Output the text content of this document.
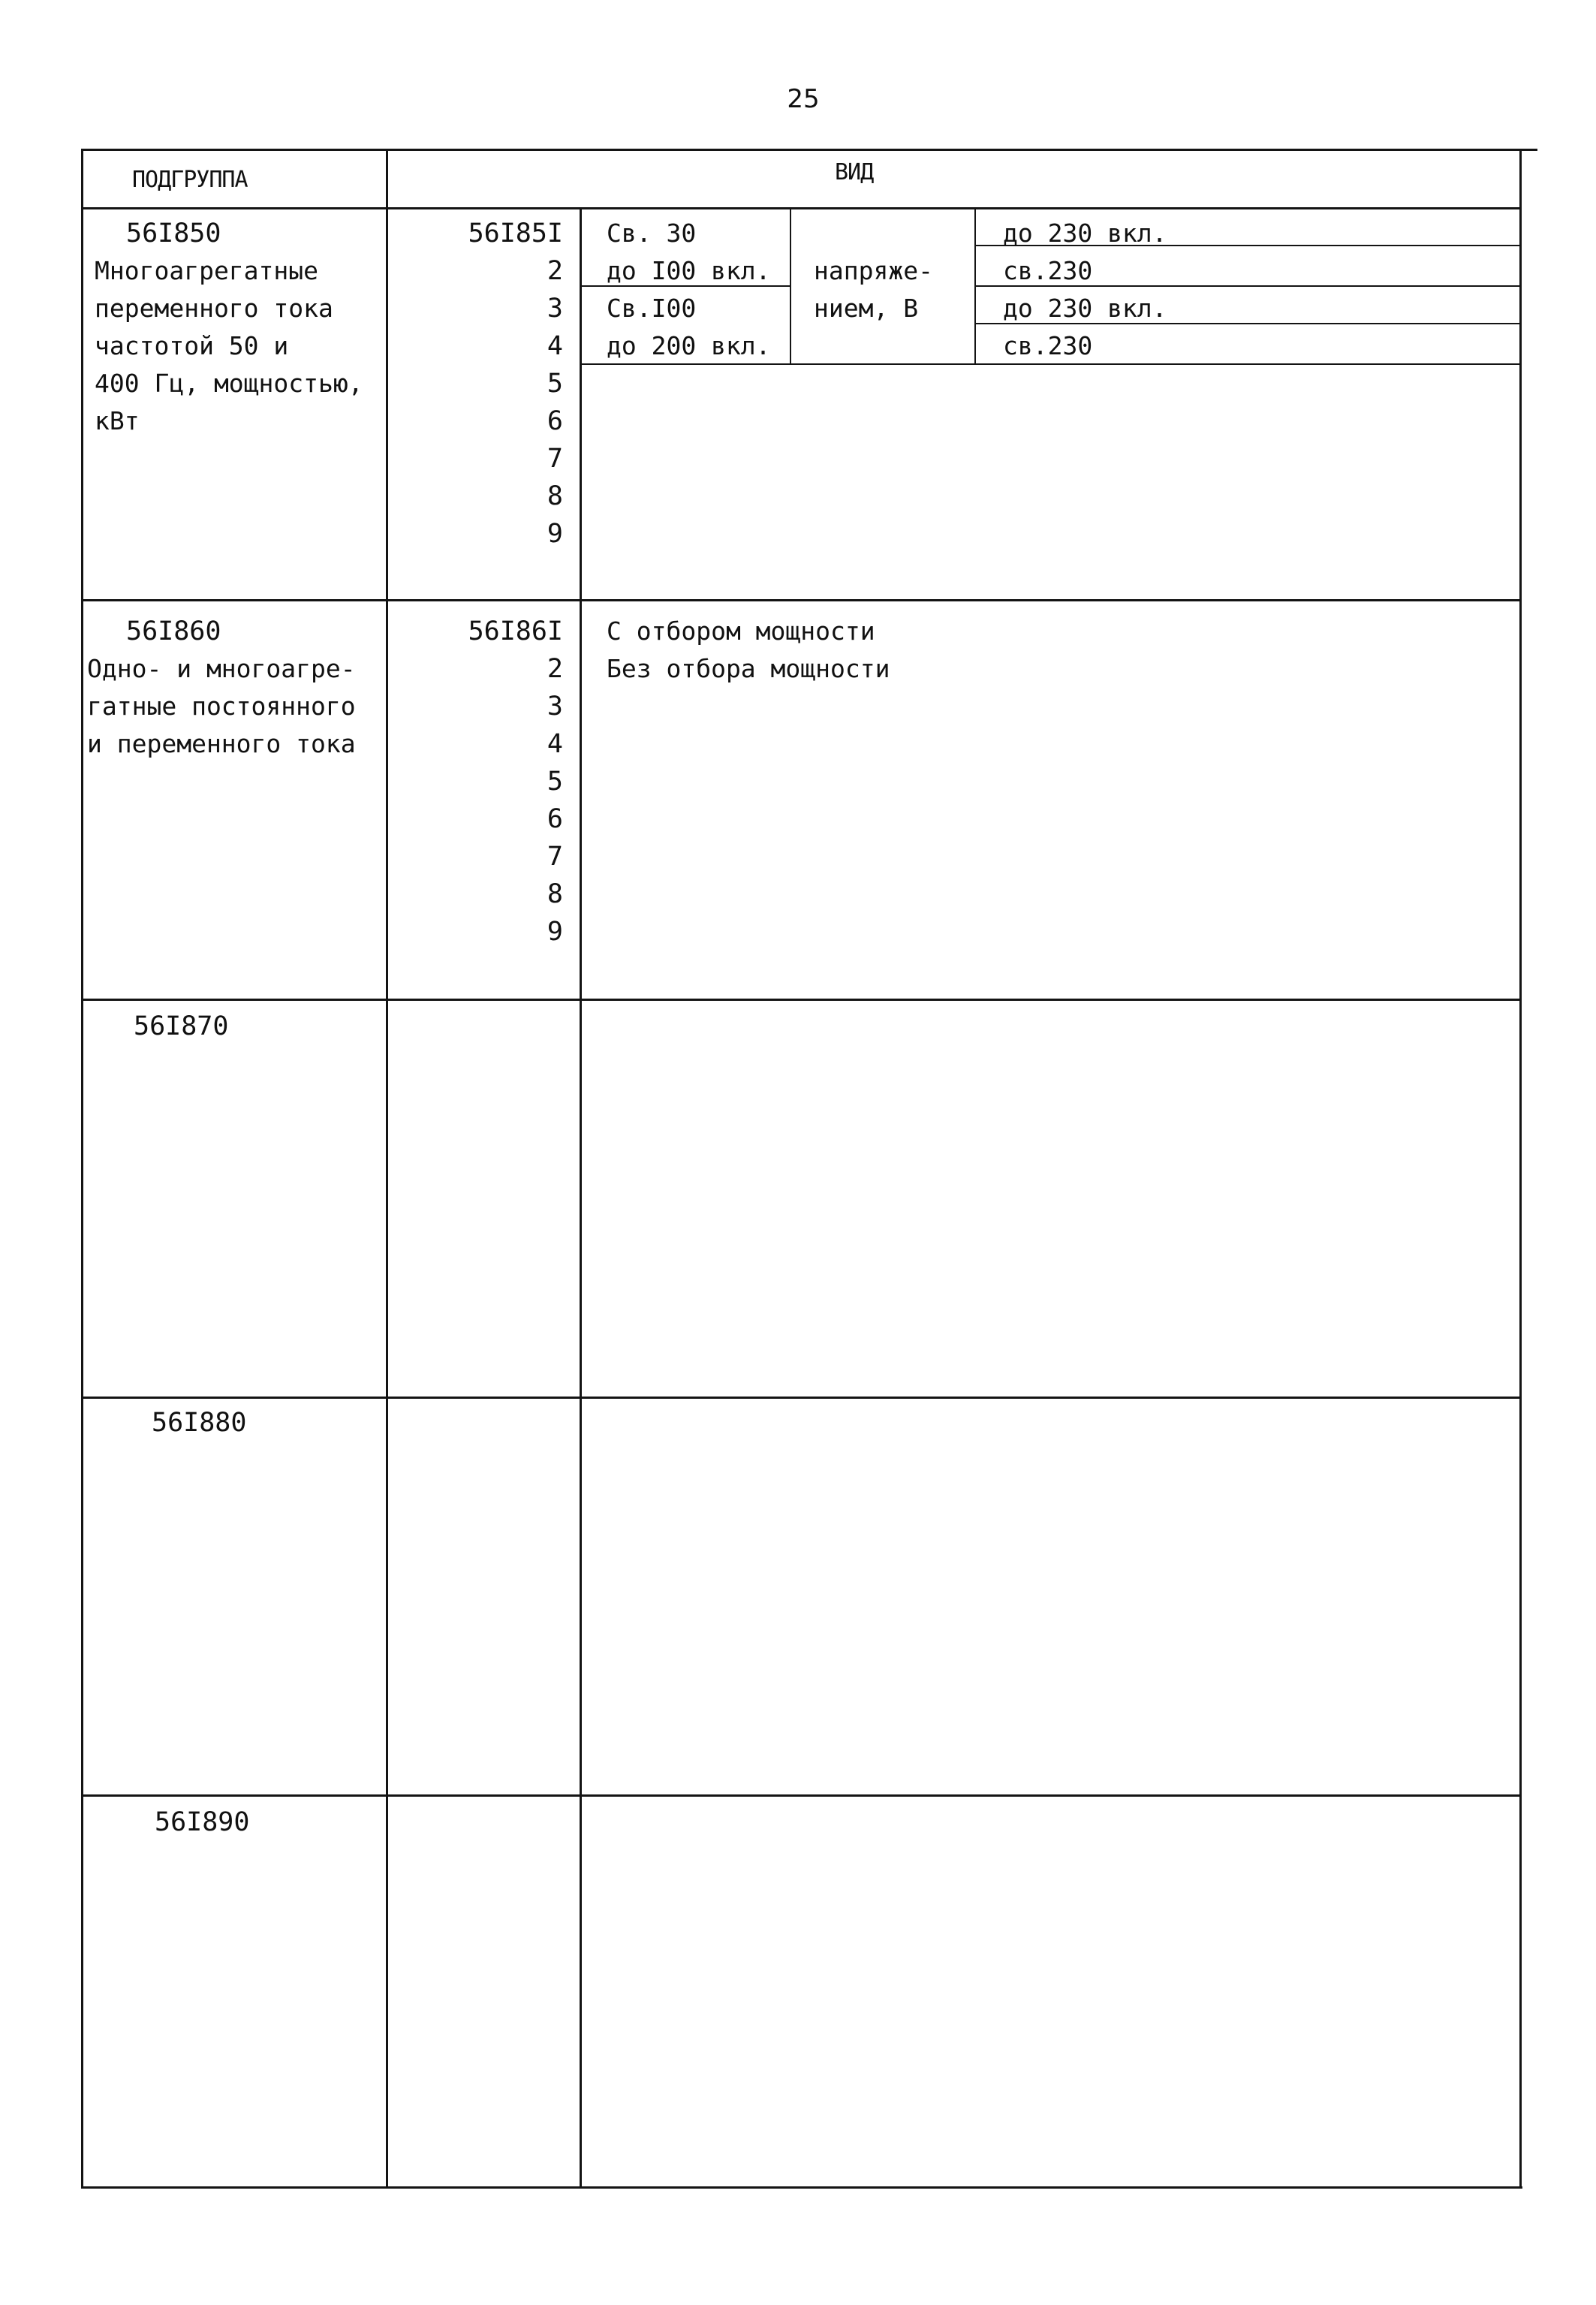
25
ПОДГРУППА	ВИД
56I850
Многоагрегатные
переменного тока
частотой 50 и
400 Гц, мощностью,
кВт
56I85I
2
3
4
5
6
7
8
9
Св. 30
до I00 вкл.
Св.I00
до 200 вкл.
напряже-
нием, В
до 230 вкл.
св.230
до 230 вкл.
св.230
56I860
Одно- и многоагре-
гатные постоянного
и переменного тока
56I86I
2
3
4
5
6
7
8
9
С отбором мощности
Без отбора мощности
56I870
56I880
56I890
